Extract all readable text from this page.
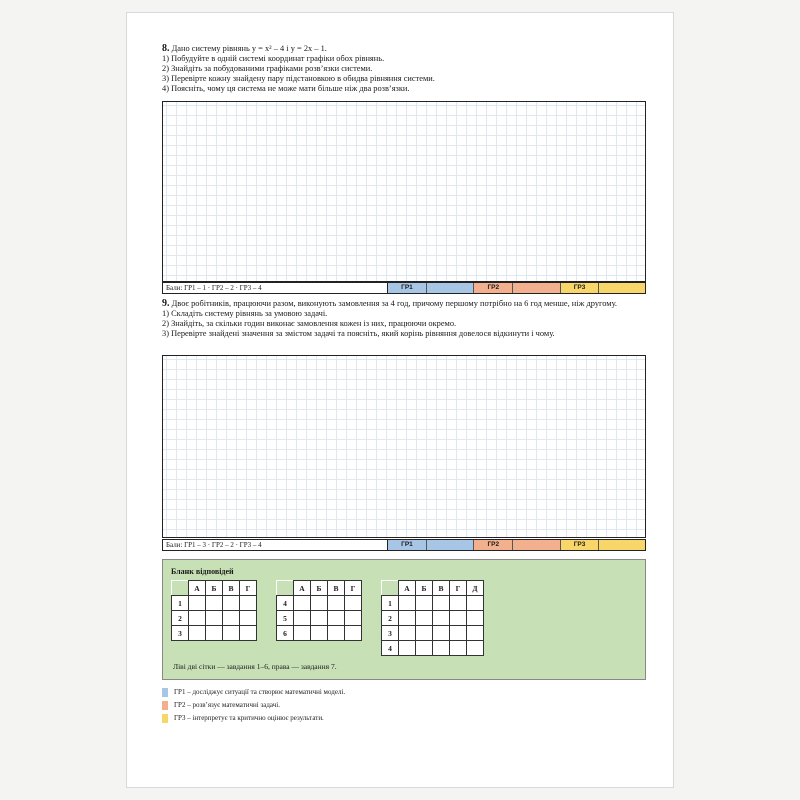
8. Дано систему рівнянь y = x² – 4 і y = 2x – 1.

1) Побудуйте в одній системі координат графіки обох рівнянь.

2) Знайдіть за побудованими графіками розв’язки системи.

3) Перевірте кожну знайдену пару підстановкою в обидва рівняння системи.

4) Поясніть, чому ця система не може мати більше ніж два розв’язки.

Бали: ГР1 – 1 · ГР2 – 2 · ГР3 – 4	ГР1	ГР2	ГР3

9. Двоє робітників, працюючи разом, виконують замовлення за 4 год, причому першому потрібно на 6 год менше, ніж другому.

1) Складіть систему рівнянь за умовою задачі.

2) Знайдіть, за скільки годин виконає замовлення кожен із них, працюючи окремо.

3) Перевірте знайдені значення за змістом задачі та поясніть, який корінь рівняння довелося відкинути і чому.

Бали: ГР1 – 3 · ГР2 – 2 · ГР3 – 4	ГР1	ГР2	ГР3
Бланк відповідей
	А	Б	В	Г
1				
2				
3				
	А	Б	В	Г
4				
5				
6				
	А	Б	В	Г	Д
1					
2					
3					
4					
Ліві дві сітки — завдання 1–6, права — завдання 7.
ГР1 – досліджує ситуації та створює математичні моделі.
ГР2 – розв’язує математичні задачі.
ГР3 – інтерпретує та критично оцінює результати.
